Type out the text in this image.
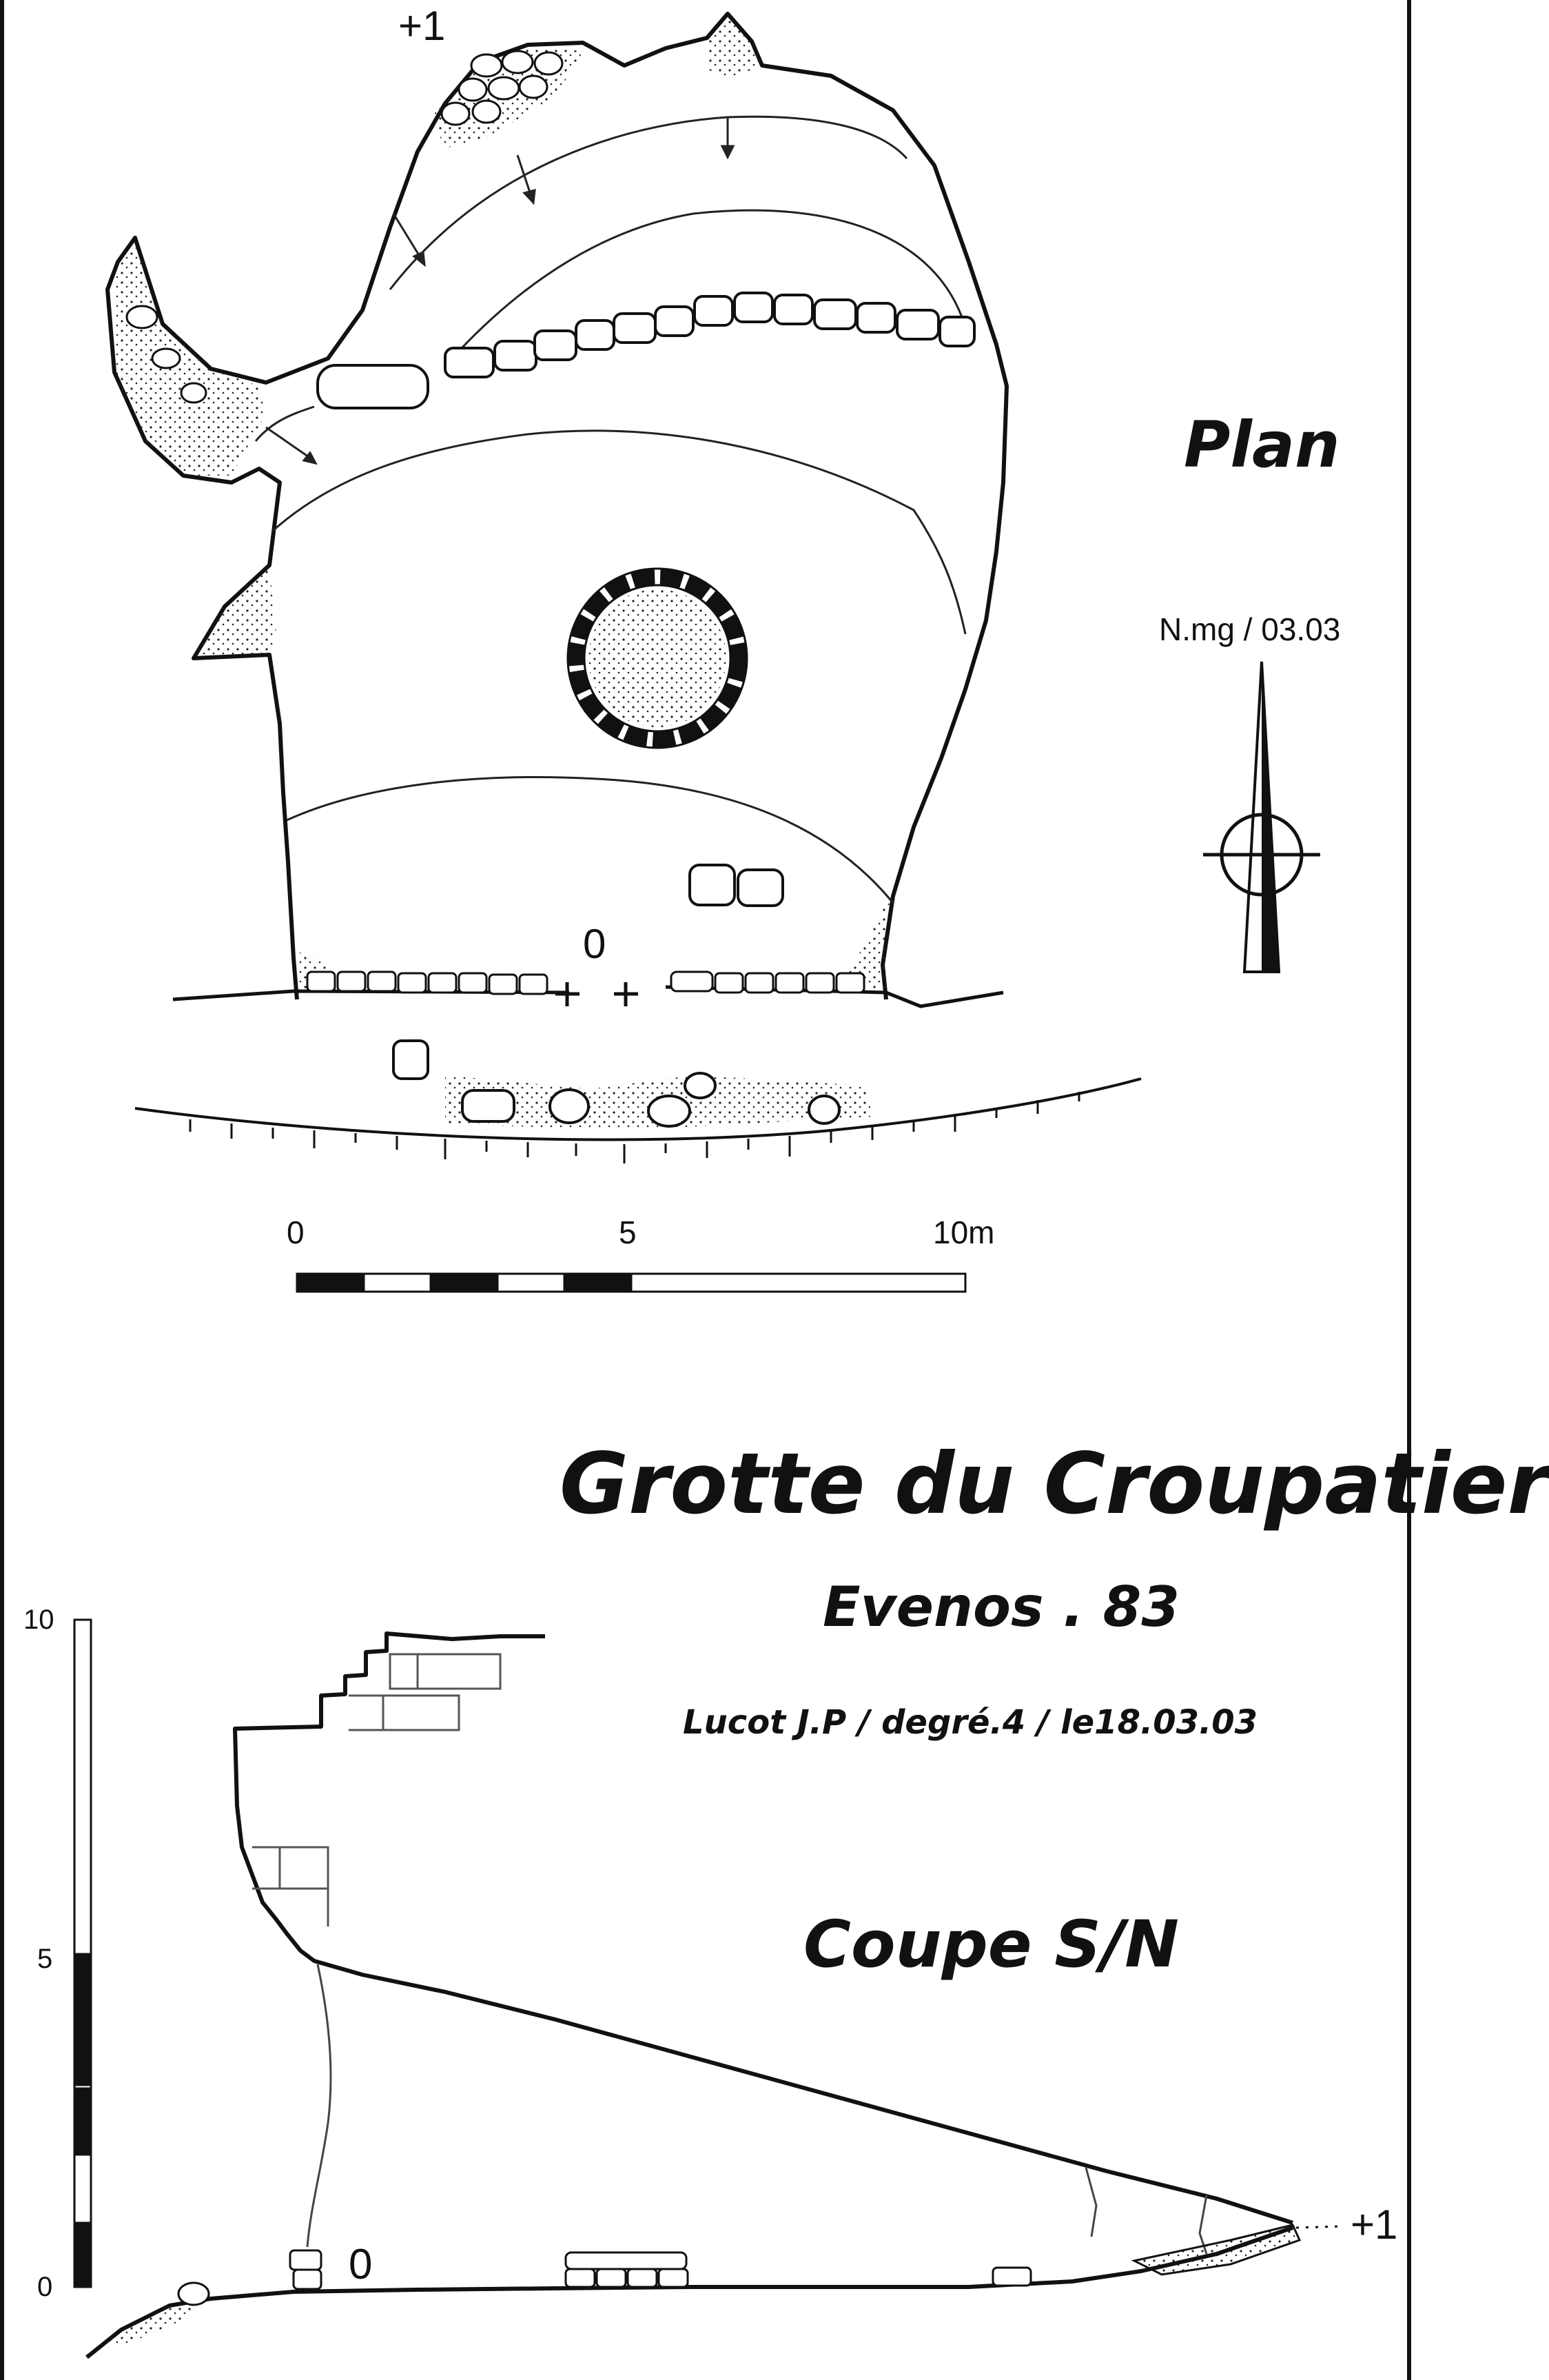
Plan
N.mg / 03.03
+1
0
0	5	10m
Grotte du Croupatier
Evenos . 83
Lucot J.P / degré.4 / le18.03.03
Coupe S/N
10
5
0	0
+1
